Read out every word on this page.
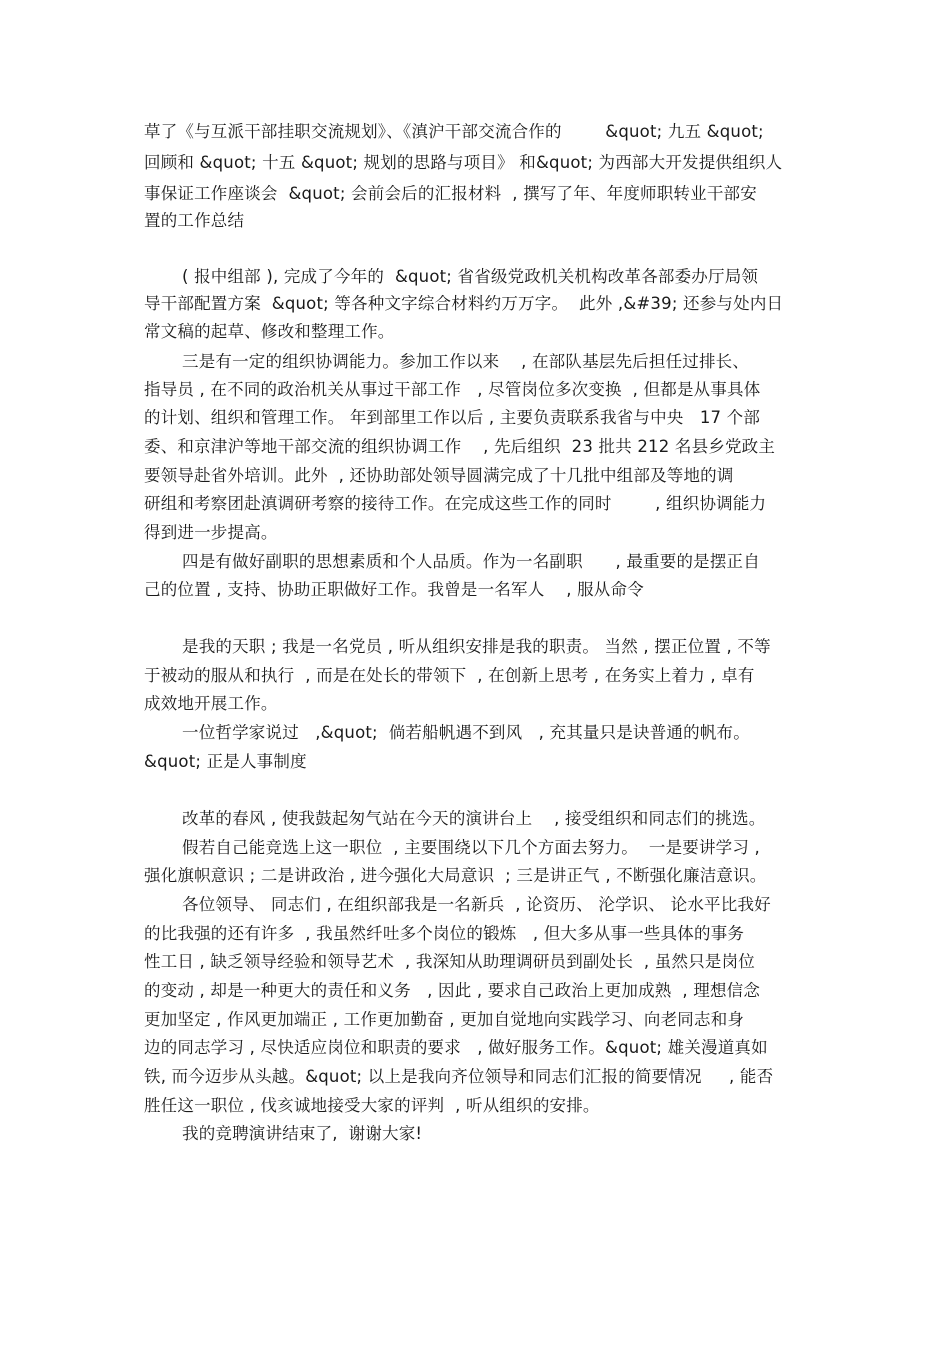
草了《与互派干部挂职交流规划》、《滇沪干部交流合作的        &quot; 九五 &quot;
回顾和 &quot; 十五 &quot; 规划的思路与项目》 和&quot; 为西部大开发提供组织人
事保证工作座谈会  &quot; 会前会后的汇报材料  , 撰写了年、年度师职转业干部安
置的工作总结
( 报中组部 ), 完成了今年的  &quot; 省省级党政机关机构改革各部委办厅局领
导干部配置方案  &quot; 等各种文字综合材料约万万字。  此外 ,&#39; 还参与处内日
常文稿的起草、修改和整理工作。
三是有一定的组织协调能力。参加工作以来    , 在部队基层先后担任过排长、
指导员 , 在不同的政治机关从事过干部工作   , 尽管岗位多次变换  , 但都是从事具体
的计划、组织和管理工作。 年到部里工作以后 , 主要负责联系我省与中央   17 个部
委、和京津沪等地干部交流的组织协调工作    , 先后组织  23 批共 212 名县乡党政主
要领导赴省外培训。此外  , 还协助部处领导圆满完成了十几批中组部及等地的调
研组和考察团赴滇调研考察的接待工作。在完成这些工作的同时        , 组织协调能力
得到进一步提高。
四是有做好副职的思想素质和个人品质。作为一名副职      , 最重要的是摆正自
己的位置 , 支持、协助正职做好工作。我曾是一名军人    , 服从命令
是我的天职 ; 我是一名党员 , 听从组织安排是我的职责。 当然 , 摆正位置 , 不等
于被动的服从和执行  , 而是在处长的带领下  , 在创新上思考 , 在务实上着力 , 卓有
成效地开展工作。
一位哲学家说过   ,&quot;  倘若船帆遇不到风   , 充其量只是诀普通的帆布。
&quot; 正是人事制度
改革的春风 , 使我鼓起匆气站在今天的演讲台上    , 接受组织和同志们的挑选。
假若自己能竞选上这一职位  , 主要围绕以下几个方面去努力。  一是要讲学习 ,
强化旗帜意识 ; 二是讲政治 , 进今强化大局意识  ; 三是讲正气 , 不断强化廉洁意识。
各位领导、 同志们 , 在组织部我是一名新兵  , 论资历、 沦学识、 论水平比我好
的比我强的还有许多  , 我虽然纤吐多个岗位的锻炼   , 但大多从事一些具体的事务
性工日 , 缺乏领导经验和领导艺术  , 我深知从助理调研员到副处长  , 虽然只是岗位
的变动 , 却是一种更大的责任和义务   , 因此 , 要求自己政治上更加成熟  , 理想信念
更加坚定 , 作风更加端正 , 工作更加勤奋 , 更加自觉地向实践学习、向老同志和身
边的同志学习 , 尽快适应岗位和职责的要求   , 做好服务工作。&quot; 雄关漫道真如
铁, 而今迈步从头越。&quot; 以上是我向齐位领导和同志们汇报的简要情况     , 能否
胜任这一职位 , 伐亥诚地接受大家的评判  , 听从组织的安排。
我的竞聘演讲结束了,  谢谢大家!
